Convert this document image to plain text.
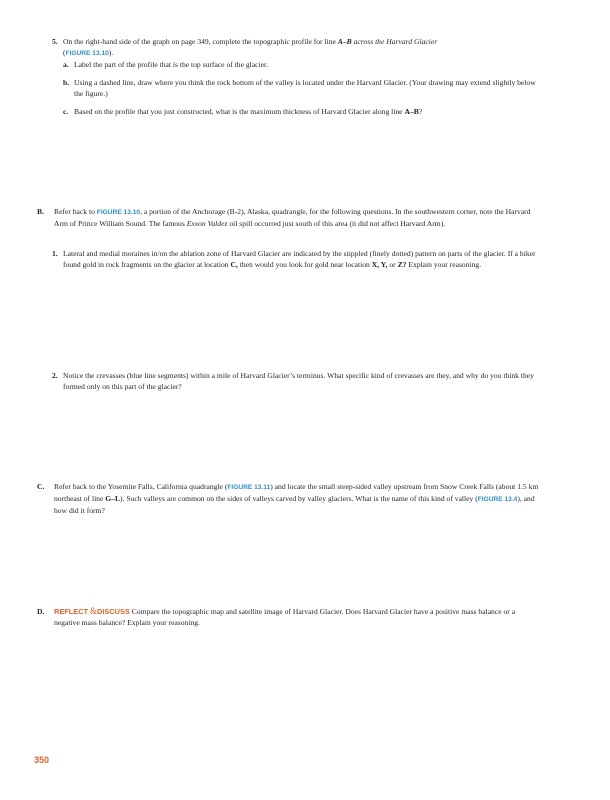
5. On the right-hand side of the graph on page 349, complete the topographic profile for line A–B across the Harvard Glacier
(FIGURE 13.10).
a. Label the part of the profile that is the top surface of the glacier.
b. Using a dashed line, draw where you think the rock bottom of the valley is located under the Harvard Glacier. (Your drawing may extend slightly below the figure.)
c. Based on the profile that you just constructed, what is the maximum thickness of Harvard Glacier along line A–B?
B. Refer back to FIGURE 13.10, a portion of the Anchorage (B-2), Alaska, quadrangle, for the following questions. In the southwestern corner, note the Harvard Arm of Prince William Sound. The famous Exxon Valdez oil spill occurred just south of this area (it did not affect Harvard Arm).
1. Lateral and medial moraines in/on the ablation zone of Harvard Glacier are indicated by the stippled (finely dotted) pattern on parts of the glacier. If a hiker found gold in rock fragments on the glacier at location C, then would you look for gold near location X, Y, or Z? Explain your reasoning.
2. Notice the crevasses (blue line segments) within a mile of Harvard Glacier’s terminus. What specific kind of crevasses are they, and why do you think they formed only on this part of the glacier?
C. Refer back to the Yosemite Falls, California quadrangle (FIGURE 13.11) and locate the small steep-sided valley upstream from Snow Creek Falls (about 1.5 km northeast of line G–L). Such valleys are common on the sides of valleys carved by valley glaciers. What is the name of this kind of valley (FIGURE 13.4), and how did it form?
D. REFLECT &DISCUSS Compare the topographic map and satellite image of Harvard Glacier. Does Harvard Glacier have a positive mass balance or a negative mass balance? Explain your reasoning.
350
